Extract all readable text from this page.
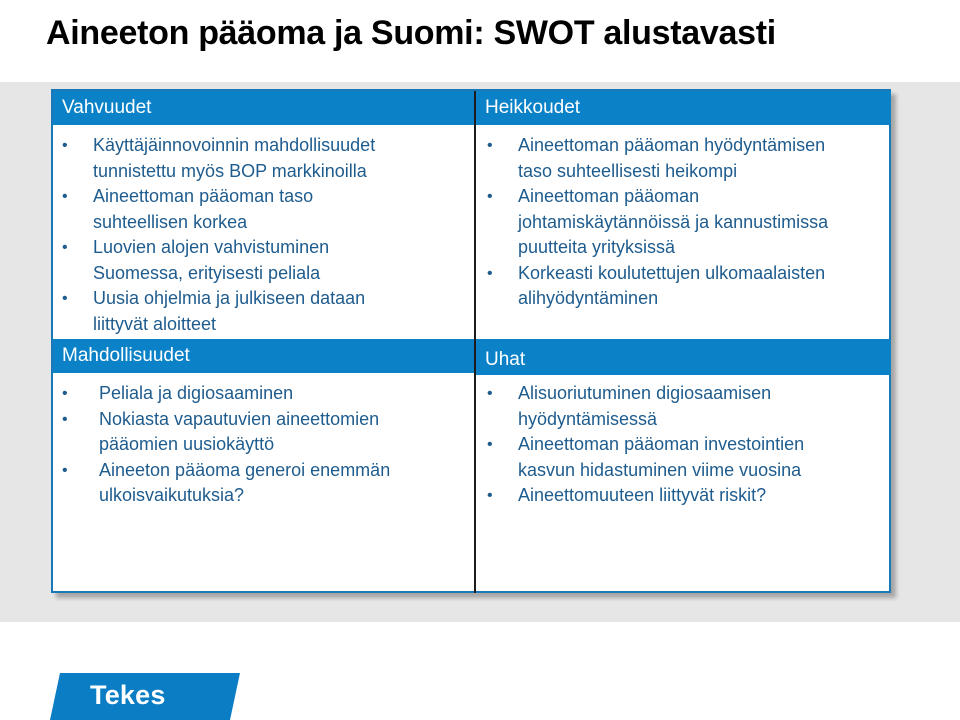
Aineeton pääoma ja Suomi: SWOT alustavasti
Vahvuudet	Heikkoudet
Mahdollisuudet	Uhat
• Käyttäjäinnovoinnin mahdollisuudet
tunnistettu myös BOP markkinoilla
• Aineettoman pääoman taso
suhteellisen korkea
• Luovien alojen vahvistuminen
Suomessa, erityisesti peliala
• Uusia ohjelmia ja julkiseen dataan
liittyvät aloitteet
• Aineettoman pääoman hyödyntämisen
taso suhteellisesti heikompi
• Aineettoman pääoman
johtamiskäytännöissä ja kannustimissa
puutteita yrityksissä
• Korkeasti koulutettujen ulkomaalaisten
alihyödyntäminen
• Peliala ja digiosaaminen
• Nokiasta vapautuvien aineettomien
pääomien uusiokäyttö
• Aineeton pääoma generoi enemmän
ulkoisvaikutuksia?
• Alisuoriutuminen digiosaamisen
hyödyntämisessä
• Aineettoman pääoman investointien
kasvun hidastuminen viime vuosina
• Aineettomuuteen liittyvät riskit?
Tekes
